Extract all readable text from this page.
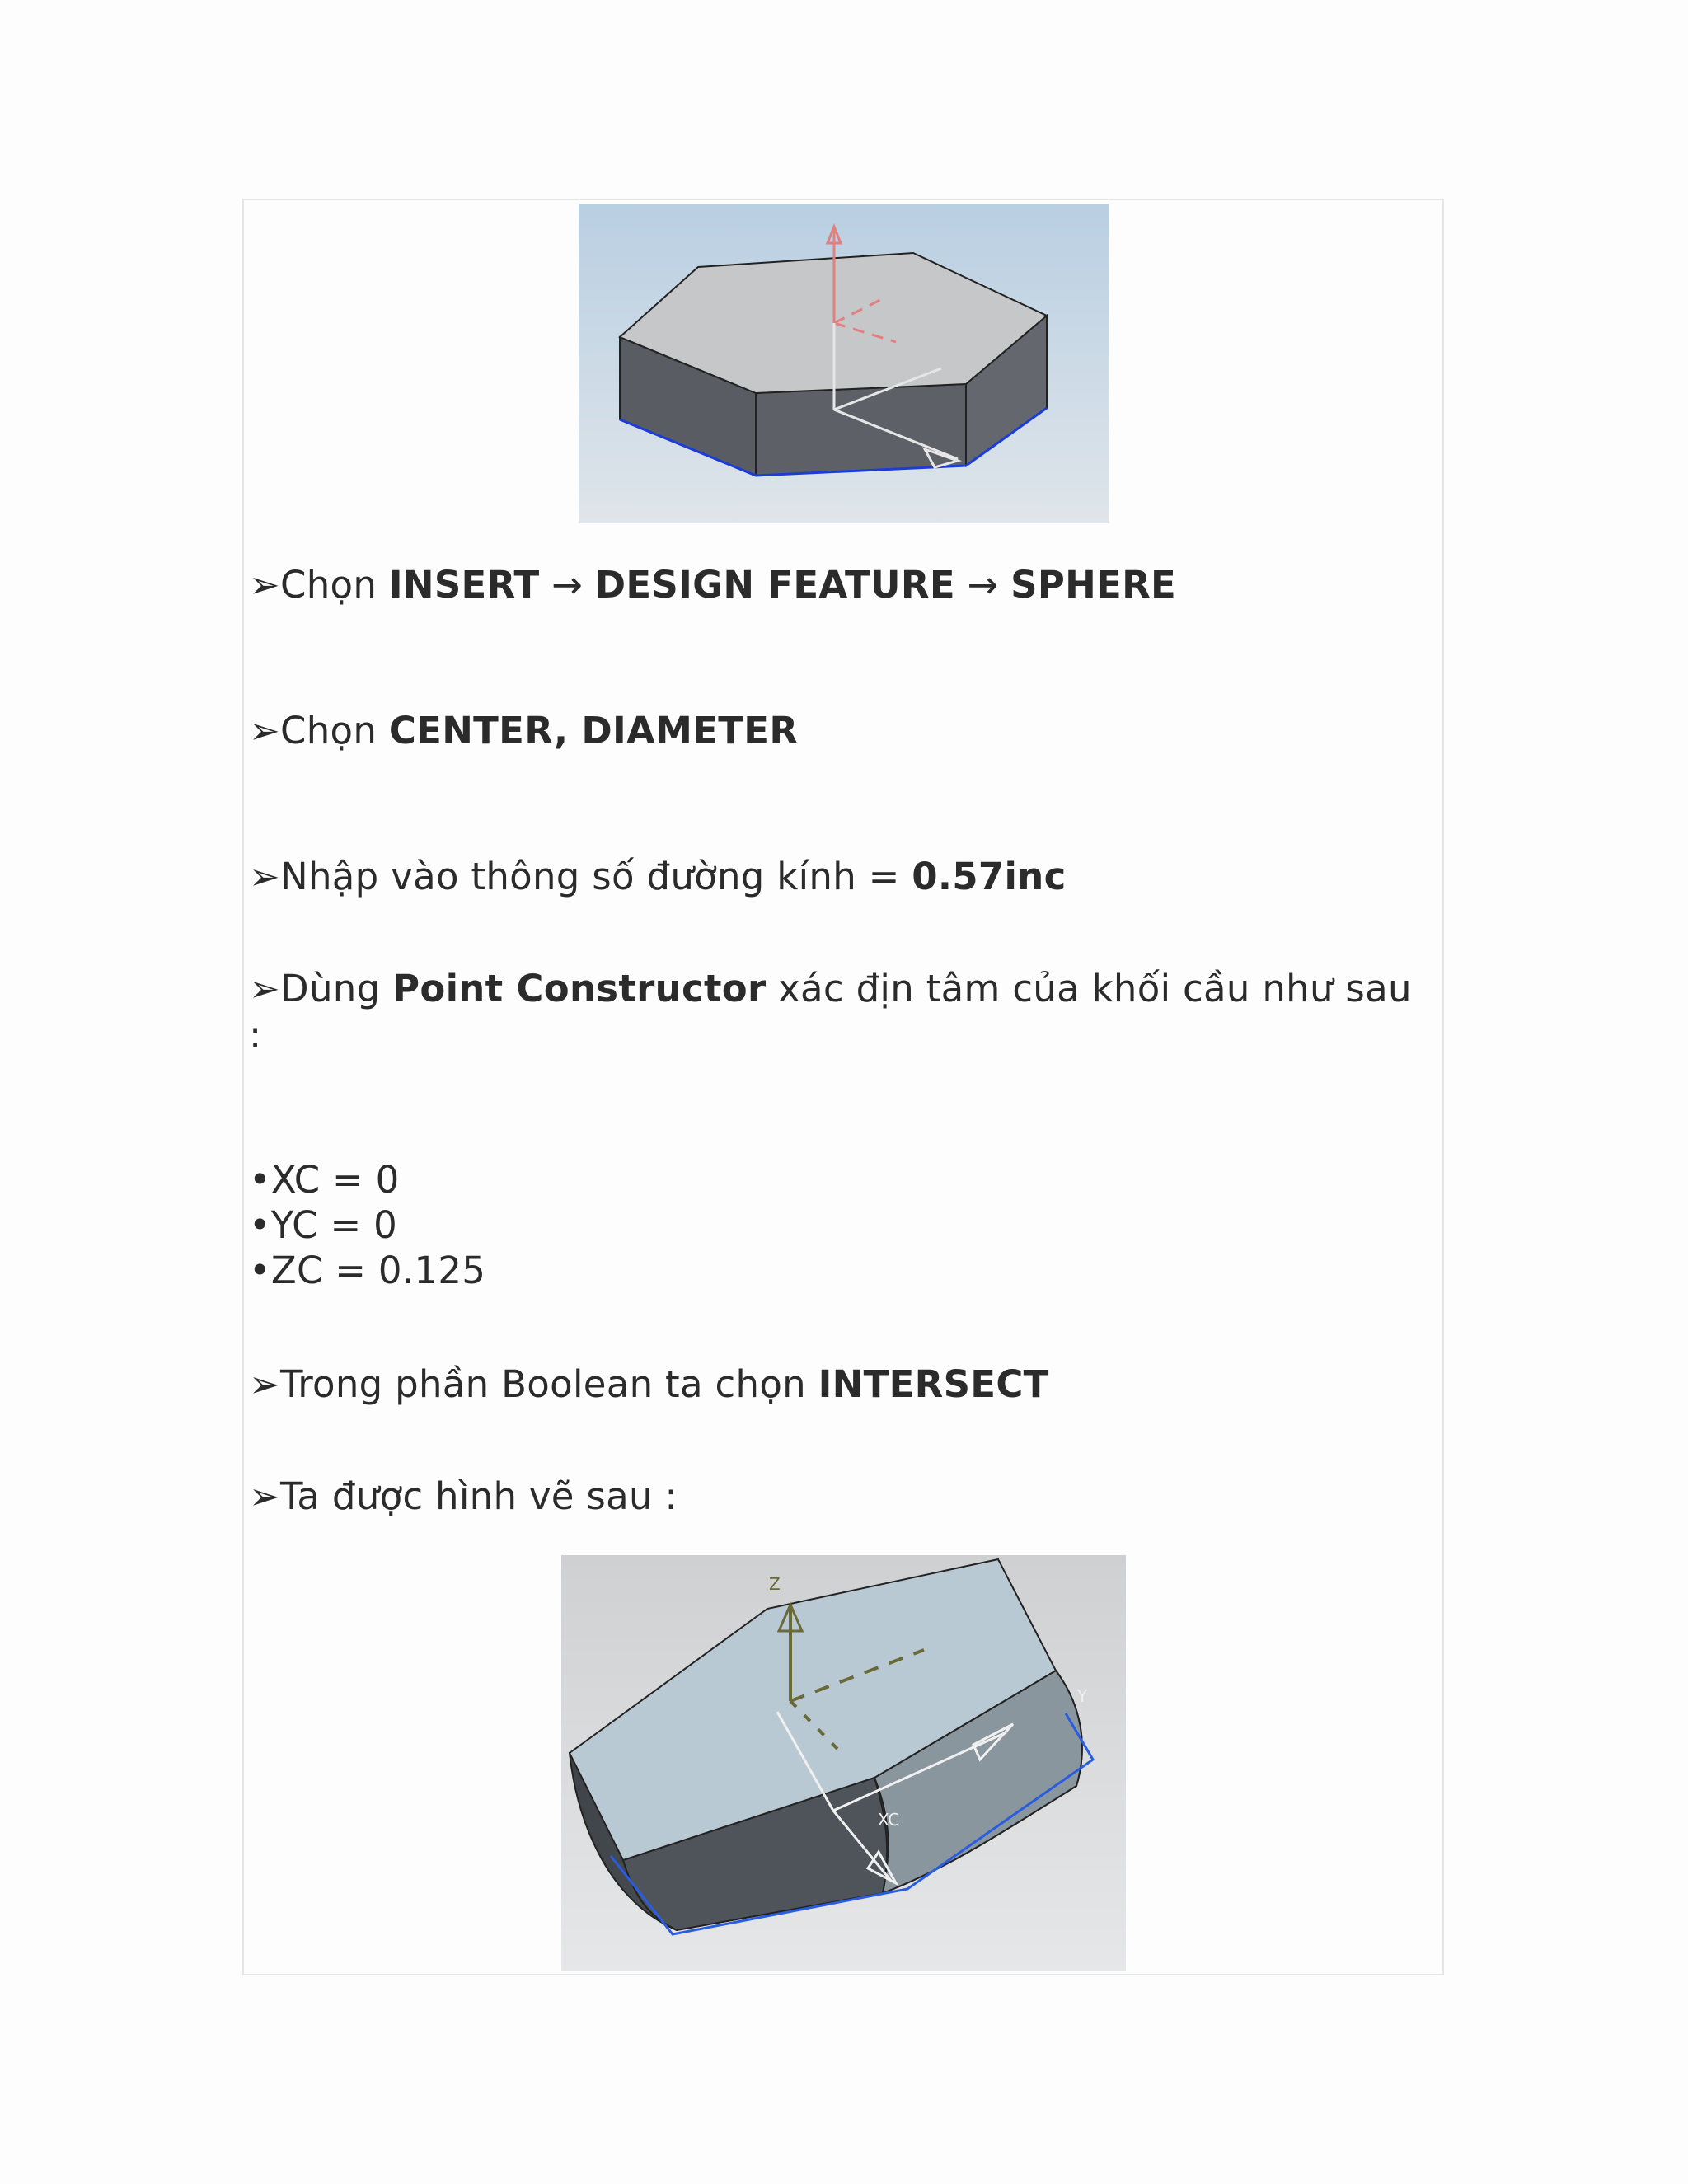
➢Chọn INSERT → DESIGN FEATURE → SPHERE
➢Chọn CENTER, DIAMETER
➢Nhập vào thông số đường kính = 0.57inc
➢Dùng Point Constructor xác địn tâm của khối cầu như sau
:
•XC = 0
•YC = 0
•ZC = 0.125
➢Trong phần Boolean ta chọn INTERSECT
➢Ta được hình vẽ sau :
Z
Y
XC
